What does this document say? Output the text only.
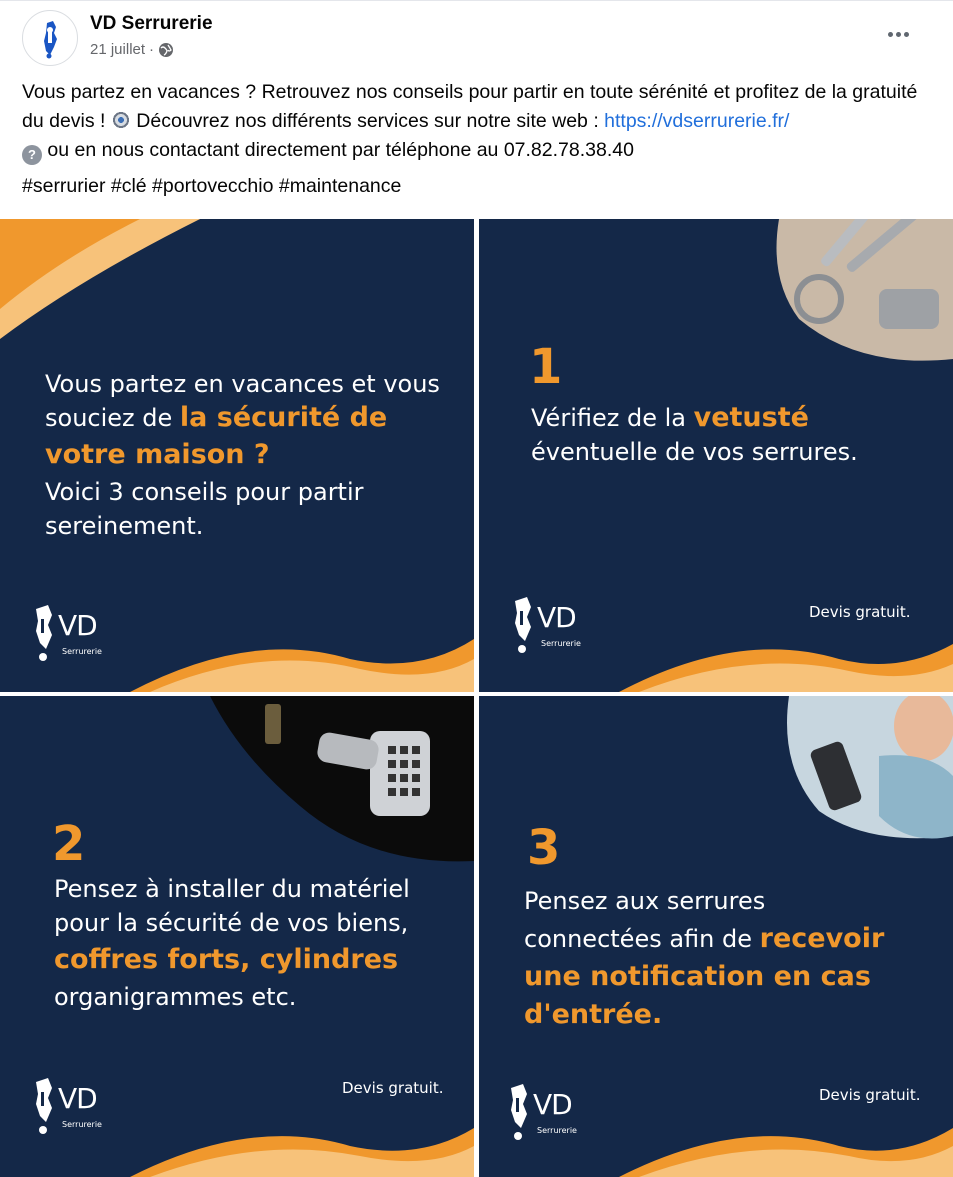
VD Serrurerie
21 juillet ·
Vous partez en vacances ? Retrouvez nos conseils pour partir en toute sérénité et profitez de la gratuité du devis !  Découvrez nos différents services sur notre site web : https://vdserrurerie.fr/
? ou en nous contactant directement par téléphone au 07.82.78.38.40
#serrurier #clé #portovecchio #maintenance
Vous partez en vacances et vous
souciez de la sécurité de
votre maison ?
Voici 3 conseils pour partir
sereinement.
VD
Serrurerie
1
Vérifiez de la vetusté
éventuelle de vos serrures.
VD
Serrurerie
Devis gratuit.
2
Pensez à installer du matériel
pour la sécurité de vos biens,
coffres forts, cylindres
organigrammes etc.
VD
Serrurerie
Devis gratuit.
3
Pensez aux serrures
connectées afin de recevoir
une notification en cas
d'entrée.
VD
Serrurerie
Devis gratuit.
